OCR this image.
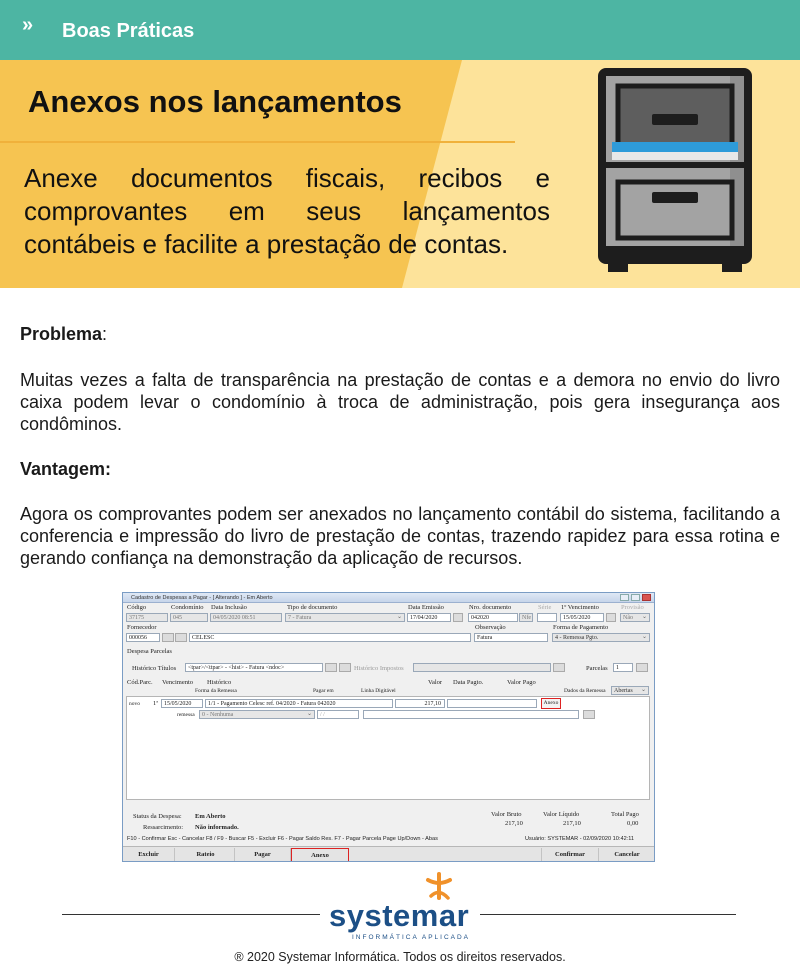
» Boas Práticas
Anexos nos lançamentos

Anexe documentos fiscais, recibos e comprovantes em seus lançamentos contábeis e facilite a prestação de contas.

Problema:

Muitas vezes a falta de transparência na prestação de contas e a demora no envio do livro caixa podem levar o condomínio à troca de administração, pois gera insegurança aos condôminos.

Vantagem:

Agora os comprovantes podem ser anexados no lançamento contábil do sistema, facilitando a conferencia e impressão do livro de prestação de contas, trazendo rapidez para essa rotina e gerando confiança na demonstração da aplicação de recursos.

Cadastro de Despesas a Pagar - [ Alterando ] - Em Aberto
Código	Condomínio Data Inclusão	Tipo de documento	Data Emissão	Nro. documento	Série 1º Vencimento	Provisão
37175	045	04/05/2020 08:51	7 - Fatura ⌄	17/04/2020	042020	Nfe	15/05/2020	Não ⌄
Fornecedor	Observação	Forma de Pagamento
000056	CELESC	Fatura	4 - Remessa Pgto. ⌄
Despesa Parcelas
Histórico Títulos	<tpar>/<ttpar> - <hist> - Fatura <ndoc>	Histórico Impostos	Parcelas	1
Cód.Parc. Vencimento Histórico	Valor Data Pagto.	Valor Pago
Forma da Remessa	Pagar em	Linha Digitável	Dados da Remessa	Abertas ⌄
novo 1ª 15/05/2020	1/1 - Pagamento Celesc ref. 04/2020 - Fatura 042020	217,10	Anexo
remessa	0 - Nenhuma ⌄	/ /
Status da Despesa: Em Aberto
Ressarcimento: Não informado.
Valor Bruto
217,10
Valor Líquido
217,10
Total Pago
0,00
F10 - Confirmar Esc - Cancelar F8 / F9 - Buscar F5 - Excluir F6 - Pagar Saldo Res. F7 - Pagar Parcela Page Up/Down - Abas	Usuário: SYSTEMAR - 02/09/2020 10:42:11
Excluir	Rateio	Pagar	Anexo	Confirmar	Cancelar
systemar
INFORMÁTICA APLICADA
® 2020 Systemar Informática. Todos os direitos reservados.
